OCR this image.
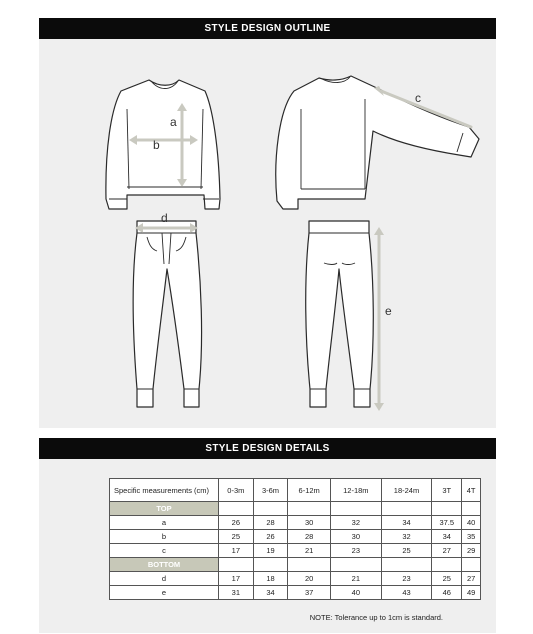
STYLE DESIGN OUTLINE
a
b
c
d
e
STYLE DESIGN DETAILS
Specific measurements (cm)	0-3m	3-6m	6-12m	12-18m	18-24m	3T	4T
TOP							
a	26	28	30	32	34	37.5	40
b	25	26	28	30	32	34	35
c	17	19	21	23	25	27	29
BOTTOM							
d	17	18	20	21	23	25	27
e	31	34	37	40	43	46	49
NOTE: Tolerance up to 1cm is standard.
